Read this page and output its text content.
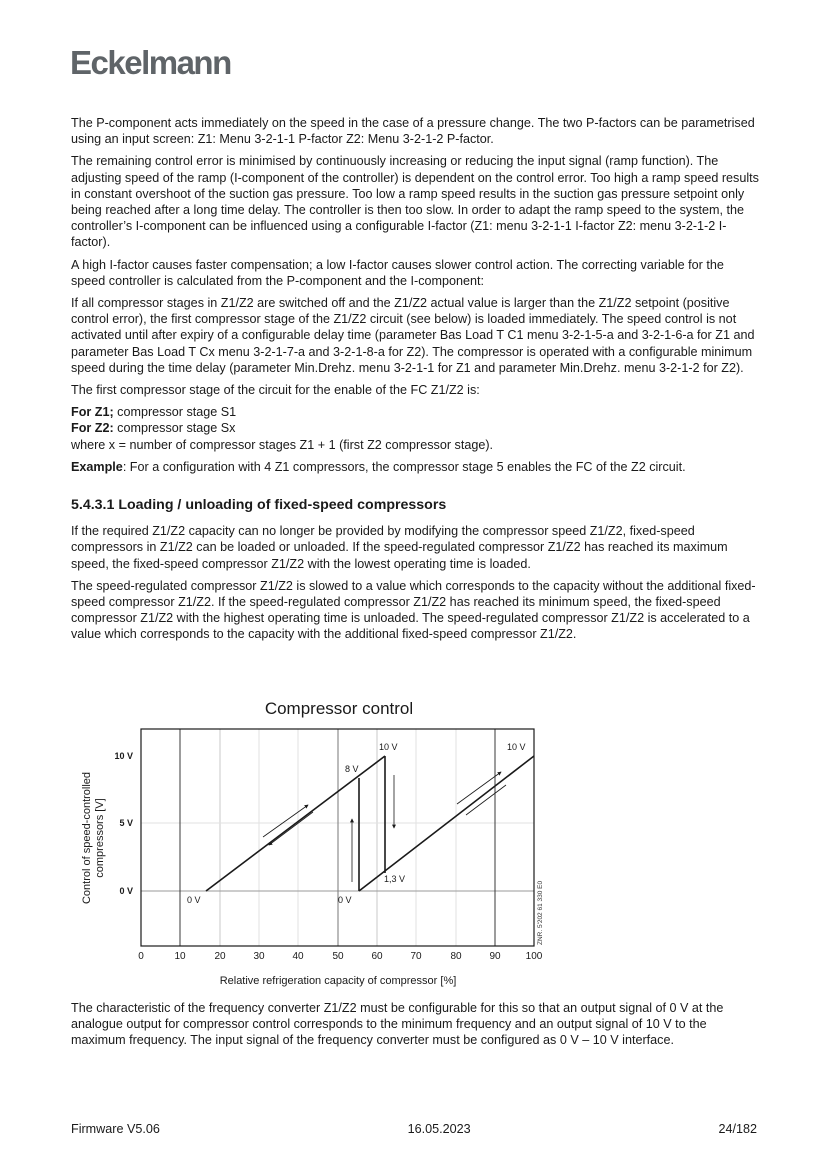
Eckelmann

The P-component acts immediately on the speed in the case of a pressure change. The two P-factors can be parametrised using an input screen: Z1: Menu 3-2-1-1 P-factor Z2: Menu 3-2-1-2 P-factor.

The remaining control error is minimised by continuously increasing or reducing the input signal (ramp function). The adjusting speed of the ramp (I-component of the controller) is dependent on the control error. Too high a ramp speed results in constant overshoot of the suction gas pressure. Too low a ramp speed results in the suction gas pressure setpoint only being reached after a long time delay. The controller is then too slow. In order to adapt the ramp speed to the system, the controller’s I-component can be influenced using a configurable I-factor (Z1: menu 3-2-1-1 I-factor Z2: menu 3-2-1-2 I-factor).

A high I-factor causes faster compensation; a low I-factor causes slower control action. The correcting variable for the speed controller is calculated from the P-component and the I-component:

If all compressor stages in Z1/Z2 are switched off and the Z1/Z2 actual value is larger than the Z1/Z2 setpoint (positive control error), the first compressor stage of the Z1/Z2 circuit (see below) is loaded immediately. The speed control is not activated until after expiry of a configurable delay time (parameter Bas Load T C1 menu 3-2-1-5-a and 3-2-1-6-a for Z1 and parameter Bas Load T Cx menu 3-2-1-7-a and 3-2-1-8-a for Z2). The compressor is operated with a configurable minimum speed during the time delay (parameter Min.Drehz. menu 3-2-1-1 for Z1 and parameter Min.Drehz. menu 3-2-1-2 for Z2).

The first compressor stage of the circuit for the enable of the FC Z1/Z2 is:

For Z1; compressor stage S1

For Z2: compressor stage Sx

where x = number of compressor stages Z1 + 1 (first Z2 compressor stage).

Example: For a configuration with 4 Z1 compressors, the compressor stage 5 enables the FC of the Z2 circuit.

5.4.3.1 Loading / unloading of fixed-speed compressors

If the required Z1/Z2 capacity can no longer be provided by modifying the compressor speed Z1/Z2, fixed-speed compressors in Z1/Z2 can be loaded or unloaded. If the speed-regulated compressor Z1/Z2 has reached its maximum speed, the fixed-speed compressor Z1/Z2 with the lowest operating time is loaded.

The speed-regulated compressor Z1/Z2 is slowed to a value which corresponds to the capacity without the additional fixed-speed compressor Z1/Z2. If the speed-regulated compressor Z1/Z2 has reached its minimum speed, the fixed-speed compressor Z1/Z2 with the highest operating time is unloaded. The speed-regulated compressor Z1/Z2 is accelerated to a value which corresponds to the capacity with the additional fixed-speed compressor Z1/Z2.

Compressor control
10 V
5 V
0 V
Control of speed-controlled compressors [V]
0	10	20	30	40	50	60	70	80	90	100
Relative refrigeration capacity of compressor [%]
0 V	0 V
8 V
10 V
1,3 V
10 V
ZNR. 5'202 61 330 E0
The characteristic of the frequency converter Z1/Z2 must be configurable for this so that an output signal of 0 V at the analogue output for compressor control corresponds to the minimum frequency and an output signal of 10 V to the maximum frequency. The input signal of the frequency converter must be configured as 0 V – 10 V interface.
Firmware V5.06	16.05.2023	24/182
